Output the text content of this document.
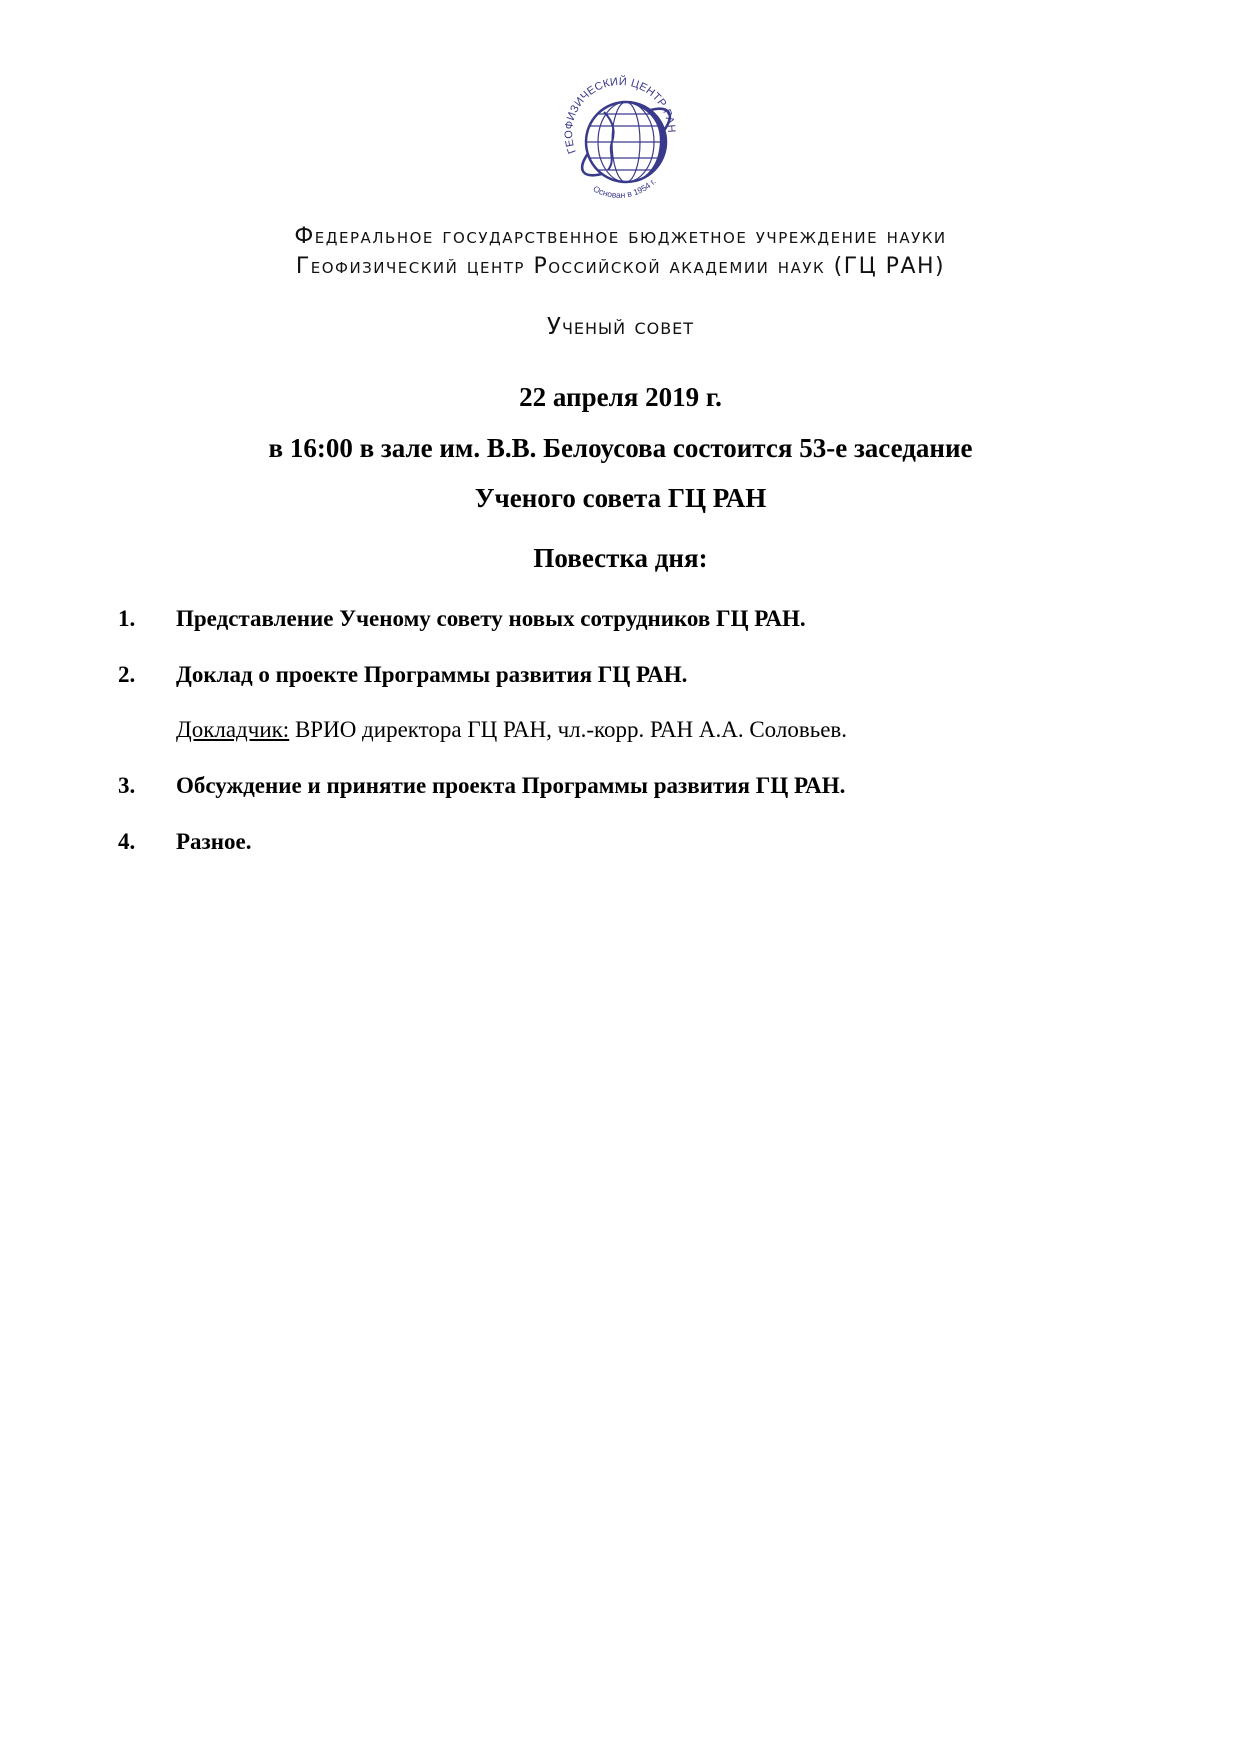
ГЕОФИЗИЧЕСКИЙ ЦЕНТР РАН
Основан в 1954 г.
Федеральное государственное бюджетное учреждение науки
Геофизический центр Российской академии наук (ГЦ РАН)
Ученый совет
22 апреля 2019 г.
в 16:00 в зале им. В.В. Белоусова состоится 53-е заседание
Ученого совета ГЦ РАН
Повестка дня:
1. Представление Ученому совету новых сотрудников ГЦ РАН.
2. Доклад о проекте Программы развития ГЦ РАН.
Докладчик: ВРИО директора ГЦ РАН, чл.-корр. РАН А.А. Соловьев.
3. Обсуждение и принятие проекта Программы развития ГЦ РАН.
4. Разное.
